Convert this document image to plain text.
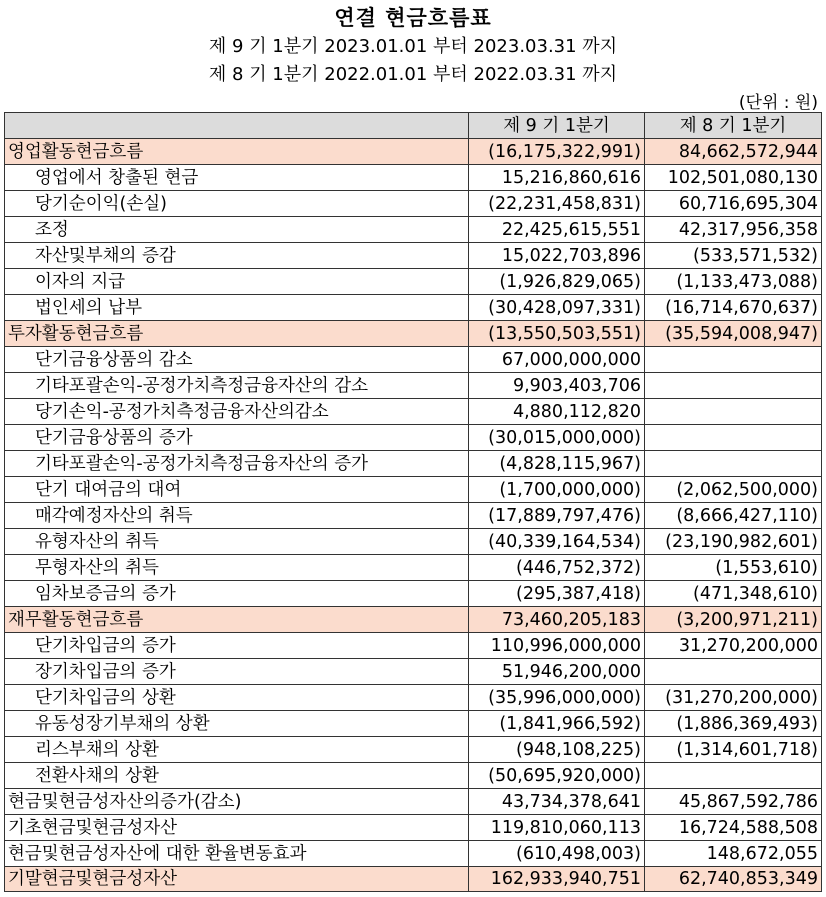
연결 현금흐름표
제 9 기 1분기 2023.01.01 부터 2023.03.31 까지
제 8 기 1분기 2022.01.01 부터 2022.03.31 까지
(단위 : 원)
	제 9 기 1분기	제 8 기 1분기
영업활동현금흐름	(16,175,322,991)	84,662,572,944
영업에서 창출된 현금	15,216,860,616	102,501,080,130
당기순이익(손실)	(22,231,458,831)	60,716,695,304
조정	22,425,615,551	42,317,956,358
자산및부채의 증감	15,022,703,896	(533,571,532)
이자의 지급	(1,926,829,065)	(1,133,473,088)
법인세의 납부	(30,428,097,331)	(16,714,670,637)
투자활동현금흐름	(13,550,503,551)	(35,594,008,947)
단기금융상품의 감소	67,000,000,000	
기타포괄손익-공정가치측정금융자산의 감소	9,903,403,706	
당기손익-공정가치측정금융자산의감소	4,880,112,820	
단기금융상품의 증가	(30,015,000,000)	
기타포괄손익-공정가치측정금융자산의 증가	(4,828,115,967)	
단기 대여금의 대여	(1,700,000,000)	(2,062,500,000)
매각예정자산의 취득	(17,889,797,476)	(8,666,427,110)
유형자산의 취득	(40,339,164,534)	(23,190,982,601)
무형자산의 취득	(446,752,372)	(1,553,610)
임차보증금의 증가	(295,387,418)	(471,348,610)
재무활동현금흐름	73,460,205,183	(3,200,971,211)
단기차입금의 증가	110,996,000,000	31,270,200,000
장기차입금의 증가	51,946,200,000	
단기차입금의 상환	(35,996,000,000)	(31,270,200,000)
유동성장기부채의 상환	(1,841,966,592)	(1,886,369,493)
리스부채의 상환	(948,108,225)	(1,314,601,718)
전환사채의 상환	(50,695,920,000)	
현금및현금성자산의증가(감소)	43,734,378,641	45,867,592,786
기초현금및현금성자산	119,810,060,113	16,724,588,508
현금및현금성자산에 대한 환율변동효과	(610,498,003)	148,672,055
기말현금및현금성자산	162,933,940,751	62,740,853,349
